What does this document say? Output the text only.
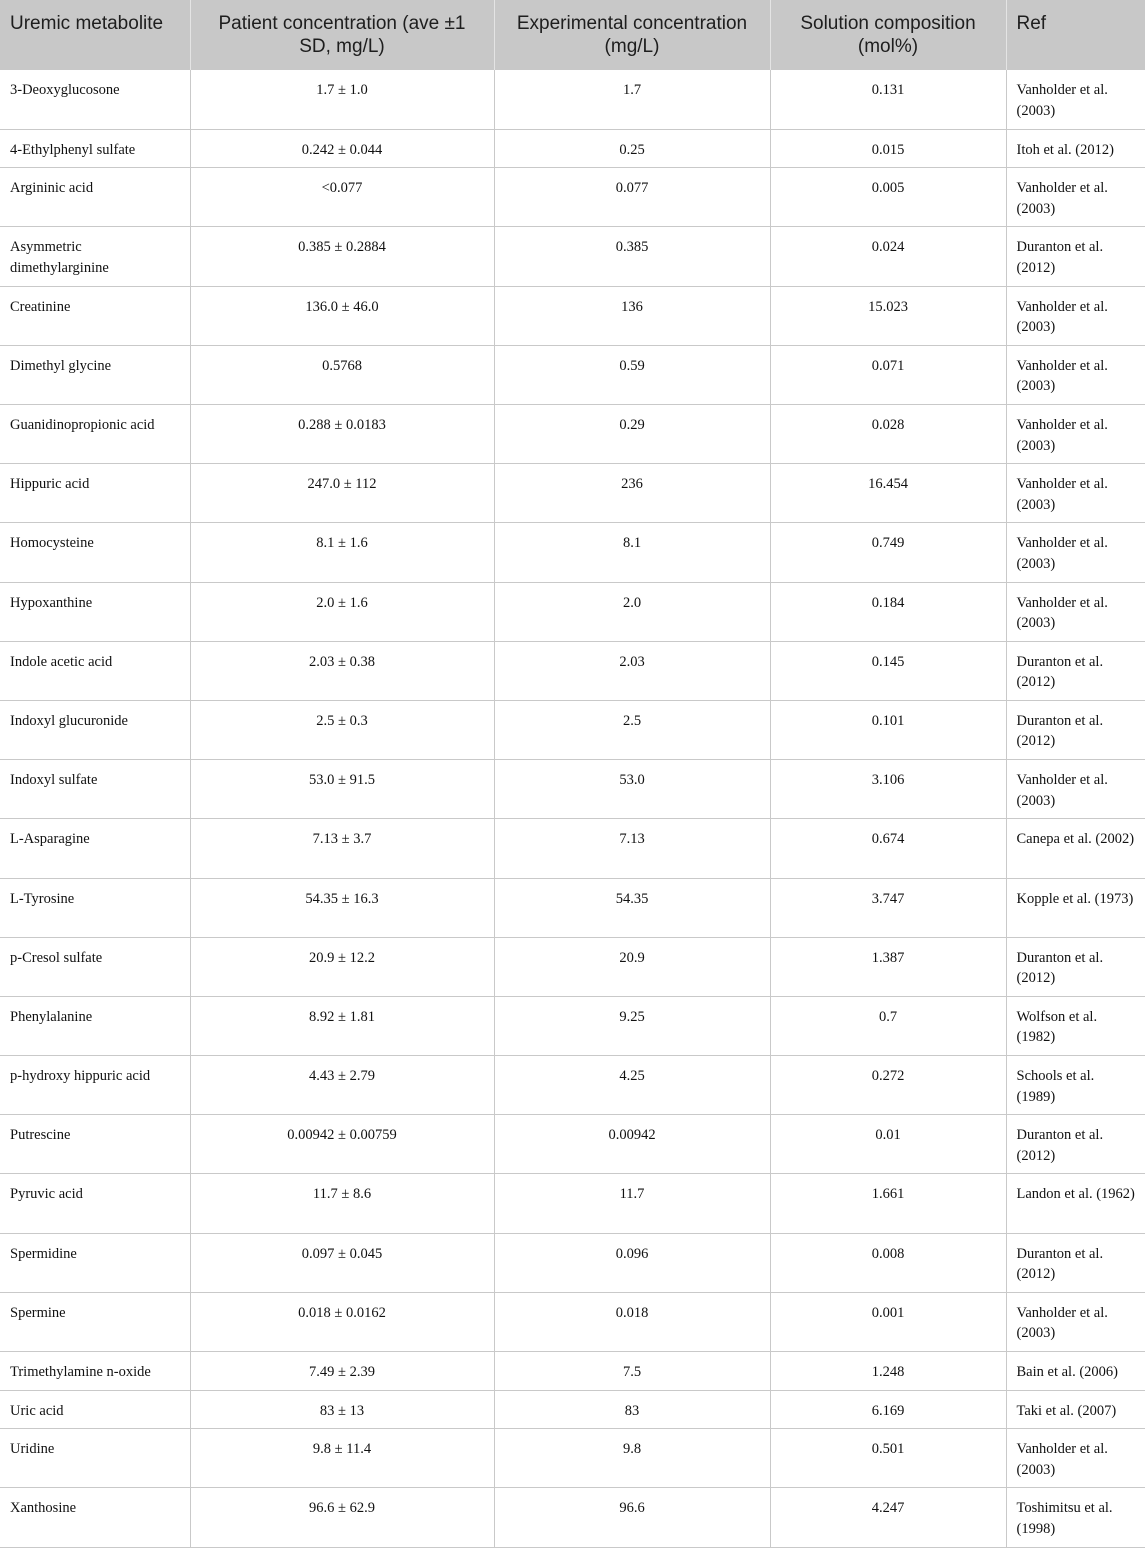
Uremic metabolite	Patient concentration (ave ±1 SD, mg/L)	Experimental concentration (mg/L)	Solution composition (mol%)	Ref
3-Deoxyglucosone	1.7 ± 1.0	1.7	0.131	Vanholder et al. (2003)
4-Ethylphenyl sulfate	0.242 ± 0.044	0.25	0.015	Itoh et al. (2012)
Argininic acid	<0.077	0.077	0.005	Vanholder et al. (2003)
Asymmetric dimethylarginine	0.385 ± 0.2884	0.385	0.024	Duranton et al. (2012)
Creatinine	136.0 ± 46.0	136	15.023	Vanholder et al. (2003)
Dimethyl glycine	0.5768	0.59	0.071	Vanholder et al. (2003)
Guanidinopropionic acid	0.288 ± 0.0183	0.29	0.028	Vanholder et al. (2003)
Hippuric acid	247.0 ± 112	236	16.454	Vanholder et al. (2003)
Homocysteine	8.1 ± 1.6	8.1	0.749	Vanholder et al. (2003)
Hypoxanthine	2.0 ± 1.6	2.0	0.184	Vanholder et al. (2003)
Indole acetic acid	2.03 ± 0.38	2.03	0.145	Duranton et al. (2012)
Indoxyl glucuronide	2.5 ± 0.3	2.5	0.101	Duranton et al. (2012)
Indoxyl sulfate	53.0 ± 91.5	53.0	3.106	Vanholder et al. (2003)
L-Asparagine	7.13 ± 3.7	7.13	0.674	Canepa et al. (2002)
L-Tyrosine	54.35 ± 16.3	54.35	3.747	Kopple et al. (1973)
p-Cresol sulfate	20.9 ± 12.2	20.9	1.387	Duranton et al. (2012)
Phenylalanine	8.92 ± 1.81	9.25	0.7	Wolfson et al. (1982)
p-hydroxy hippuric acid	4.43 ± 2.79	4.25	0.272	Schools et al. (1989)
Putrescine	0.00942 ± 0.00759	0.00942	0.01	Duranton et al. (2012)
Pyruvic acid	11.7 ± 8.6	11.7	1.661	Landon et al. (1962)
Spermidine	0.097 ± 0.045	0.096	0.008	Duranton et al. (2012)
Spermine	0.018 ± 0.0162	0.018	0.001	Vanholder et al. (2003)
Trimethylamine n-oxide	7.49 ± 2.39	7.5	1.248	Bain et al. (2006)
Uric acid	83 ± 13	83	6.169	Taki et al. (2007)
Uridine	9.8 ± 11.4	9.8	0.501	Vanholder et al. (2003)
Xanthosine	96.6 ± 62.9	96.6	4.247	Toshimitsu et al. (1998)
